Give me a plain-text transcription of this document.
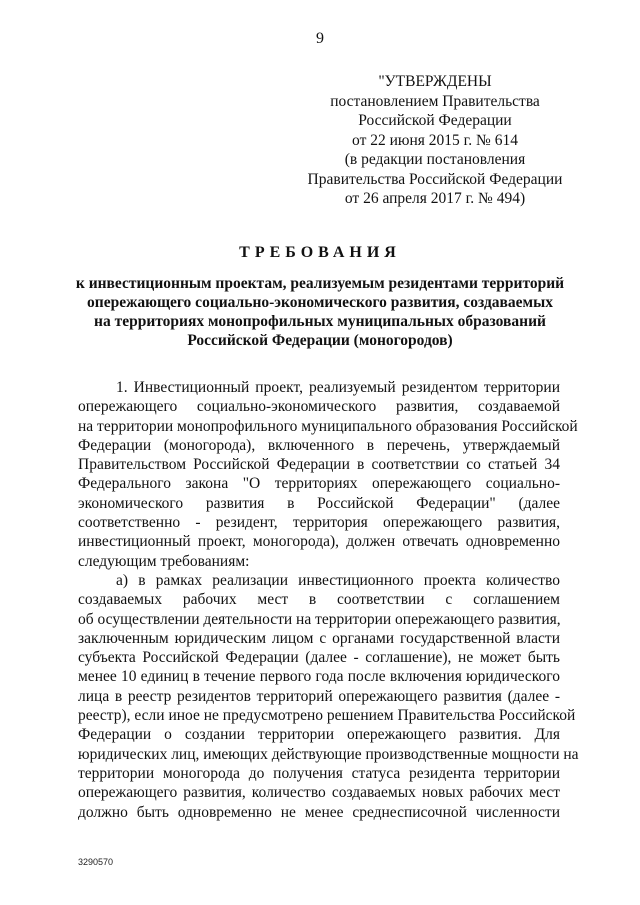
9
"УТВЕРЖДЕНЫ
постановлением Правительства
Российской Федерации
от 22 июня 2015 г. № 614
(в редакции постановления
Правительства Российской Федерации
от 26 апреля 2017 г. № 494)
ТРЕБОВАНИЯ
к инвестиционным проектам, реализуемым резидентами территорий
опережающего социально-экономического развития, создаваемых
на территориях монопрофильных муниципальных образований
Российской Федерации (моногородов)
1. Инвестиционный проект, реализуемый резидентом территории
опережающего социально-экономического развития, создаваемой
на территории монопрофильного муниципального образования Российской
Федерации (моногорода), включенного в перечень, утверждаемый
Правительством Российской Федерации в соответствии со статьей 34
Федерального закона "О территориях опережающего социально-
экономического развития в Российской Федерации" (далее
соответственно - резидент, территория опережающего развития,
инвестиционный проект, моногорода), должен отвечать одновременно
следующим требованиям:
а) в рамках реализации инвестиционного проекта количество
создаваемых рабочих мест в соответствии с соглашением
об осуществлении деятельности на территории опережающего развития,
заключенным юридическим лицом с органами государственной власти
субъекта Российской Федерации (далее - соглашение), не может быть
менее 10 единиц в течение первого года после включения юридического
лица в реестр резидентов территорий опережающего развития (далее -
реестр), если иное не предусмотрено решением Правительства Российской
Федерации о создании территории опережающего развития. Для
юридических лиц, имеющих действующие производственные мощности на
территории моногорода до получения статуса резидента территории
опережающего развития, количество создаваемых новых рабочих мест
должно быть одновременно не менее среднесписочной численности
3290570
